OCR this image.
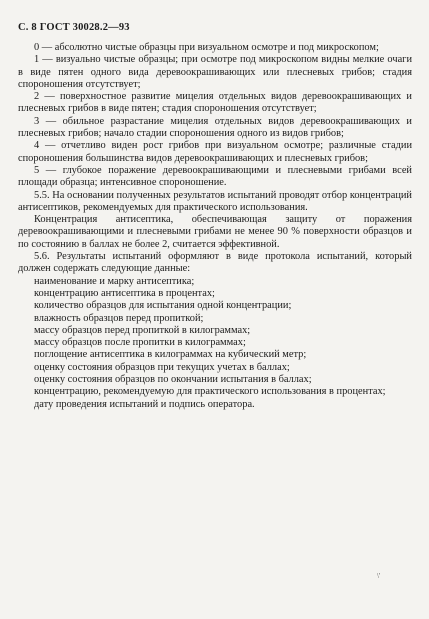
С. 8 ГОСТ 30028.2—93

0 — абсолютно чистые образцы при визуальном осмотре и под микроскопом;

1 — визуально чистые образцы; при осмотре под микроскопом видны мелкие очаги в виде пятен одного вида деревоокрашивающих или плесневых грибов; стадия спороношения отсутствует;

2 — поверхностное развитие мицелия отдельных видов деревоокрашивающих и плесневых грибов в виде пятен; стадия спороношения отсутствует;

3 — обильное разрастание мицелия отдельных видов деревоокрашивающих и плесневых грибов; начало стадии спороношения одного из видов грибов;

4 — отчетливо виден рост грибов при визуальном осмотре; различные стадии спороношения большинства видов деревоокрашивающих и плесневых грибов;

5 — глубокое поражение деревоокрашивающими и плесневыми грибами всей площади образца; интенсивное спороношение.

5.5. На основании полученных результатов испытаний проводят отбор концентраций антисептиков, рекомендуемых для практического использования.

Концентрация антисептика, обеспечивающая защиту от поражения деревоокрашивающими и плесневыми грибами не менее 90 % поверхности образцов и по состоянию в баллах не более 2, считается эффективной.

5.6. Результаты испытаний оформляют в виде протокола испытаний, который должен содержать следующие данные:

наименование и марку антисептика;

концентрацию антисептика в процентах;

количество образцов для испытания одной концентрации;

влажность образцов перед пропиткой;

массу образцов перед пропиткой в килограммах;

массу образцов после пропитки в килограммах;

поглощение антисептика в килограммах на кубический метр;

оценку состояния образцов при текущих учетах в баллах;

оценку состояния образцов по окончании испытания в баллах;

концентрацию, рекомендуемую для практического использования в процентах;

дату проведения испытаний и подпись оператора.

\'
